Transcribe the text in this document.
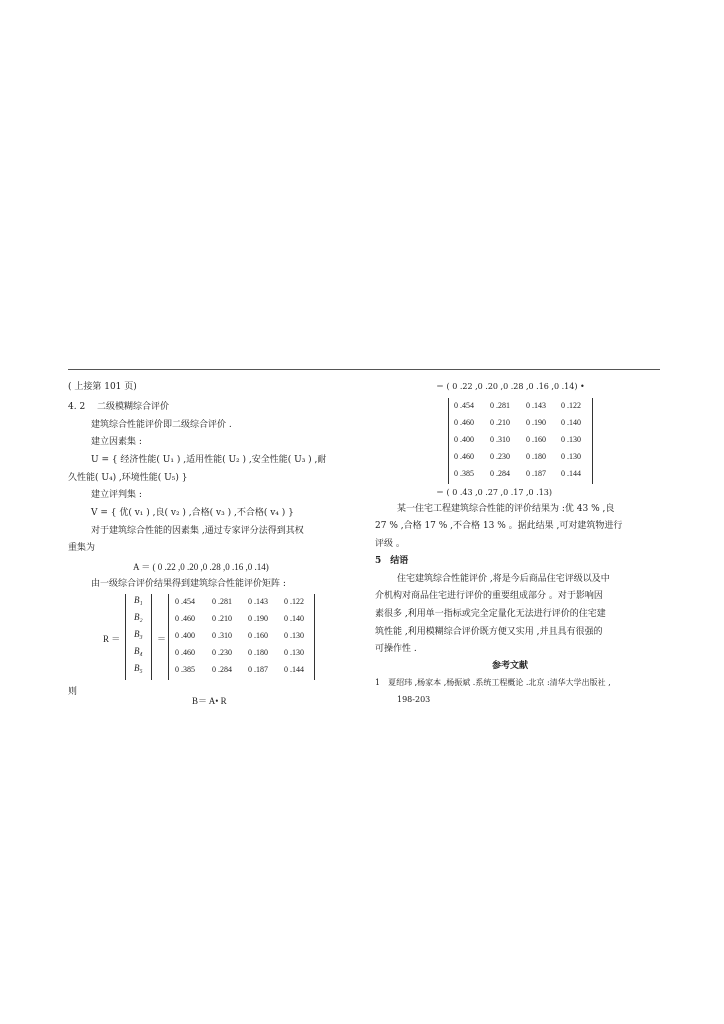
( 上接第 101 页)
4. 2　 二级模糊综合评价
建筑综合性能评价即二级综合评价 .
建立因素集 :
U = { 经济性能( U₁ ) ,适用性能( U₂ ) ,安全性能( U₃ ) ,耐
久性能( U₄) ,环境性能( U₅) }
建立评判集 :
V = { 优( v₁ ) ,良( v₂ ) ,合格( v₃ ) ,不合格( v₄ ) }
对于建筑综合性能的因素集 ,通过专家评分法得到其权
重集为
A ＝ ( 0 .22 ,0 .20 ,0 .28 ,0 .16 ,0 .14)
由一级综合评价结果得到建筑综合性能评价矩阵 :
R ＝
B₁
B₂
B₃
B₄
B₅
＝
0 .454 0 .281 0 .143 0 .122
0 .460 0 .210 0 .190 0 .140
0 .400 0 .310 0 .160 0 .130
0 .460 0 .230 0 .180 0 .130
0 .385 0 .284 0 .187 0 .144
则
B＝ A• R
＝ ( 0 .22 ,0 .20 ,0 .28 ,0 .16 ,0 .14) •
0 .454 0 .281 0 .143 0 .122
0 .460 0 .210 0 .190 0 .140
0 .400 0 .310 0 .160 0 .130
0 .460 0 .230 0 .180 0 .130
0 .385 0 .284 0 .187 0 .144
＝ ( 0 .43 ,0 .27 ,0 .17 ,0 .13)
某一住宅工程建筑综合性能的评价结果为 :优 43 % ,良
27 % ,合格 17 % ,不合格 13 % 。据此结果 ,可对建筑物进行
评级 。
5　结语
住宅建筑综合性能评价 ,将是今后商品住宅评级以及中
介机构对商品住宅进行评价的重要组成部分 。对于影响因
素很多 ,利用单一指标或完全定量化无法进行评价的住宅建
筑性能 ,利用模糊综合评价既方便又实用 ,并且具有很强的
可操作性 .
参考文献
1　夏绍玮 ,杨家本 ,杨振斌 .系统工程概论 .北京 :清华大学出版社 ,
198-203
